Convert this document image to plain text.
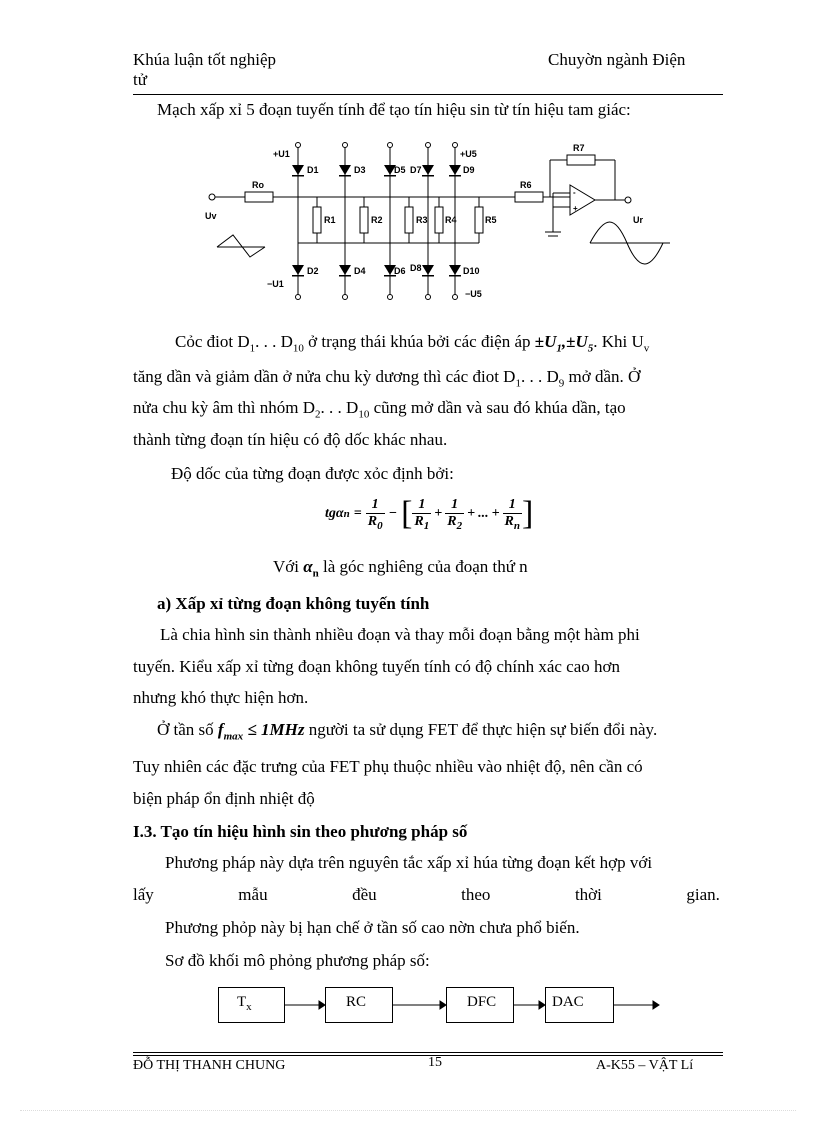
Khúa luận tốt nghiệp
tử
Chuyờn ngành Điện

Mạch xấp xỉ 5 đoạn tuyến tính để tạo tín hiệu sin từ tín hiệu tam giác:

+U1
−U1
+U5
−U5
Ro	R6
R7
Uv	Ur
-
+
D1
D2
D3
D4
D5
D6
D7
D8
D9
D10
R1	R2	R3 R4	R5

Cỏc điot $D_1$. . . $D_{10}$ ở trạng thái khúa bởi các điện áp $\pm U_1,\pm U_5$. Khi $U_v$

tăng dần và giảm dần ở nửa chu kỳ dương thì các điot $D_1$. . . $D_9$ mở dần. Ở

nửa chu kỳ âm thì nhóm $D_2$. . . $D_{10}$ cũng mở dần và sau đó khúa dần, tạo

thành từng đoạn tín hiệu có độ dốc khác nhau.

Độ dốc của từng đoạn được xỏc định bởi:

tgα $n = \frac{1}{R_0}$ − [ $\frac{1}{R_1} + \frac{1}{R_2}$ + ... + $\frac{1}{R_n}$ ]

Với $\alpha_n$ là góc nghiêng của đoạn thứ n

a) Xấp xỉ từng đoạn không tuyến tính

Là chia hình sin thành nhiều đoạn và thay mỗi đoạn bằng một hàm phi

tuyến. Kiểu xấp xỉ từng đoạn không tuyến tính có độ chính xác cao hơn

nhưng khó thực hiện hơn.

Ở tần số $f_{max} \le 1MHz$ người ta sử dụng FET để thực hiện sự biến đổi này.

Tuy nhiên các đặc trưng của FET phụ thuộc nhiều vào nhiệt độ, nên cần có

biện pháp ổn định nhiệt độ

I.3. Tạo tín hiệu hình sin theo phương pháp số

Phương pháp này dựa trên nguyên tắc xấp xỉ húa từng đoạn kết hợp với

lấy	mẫu	đều	theo	thời	gian.

Phương phỏp này bị hạn chế ở tần số cao nờn chưa phổ biến.

Sơ đồ khối mô phỏng phương pháp số:

$T_x$	RC	DFC	DAC
ĐỖ THỊ THANH CHUNG	15	A-K55 – VẬT Lí
